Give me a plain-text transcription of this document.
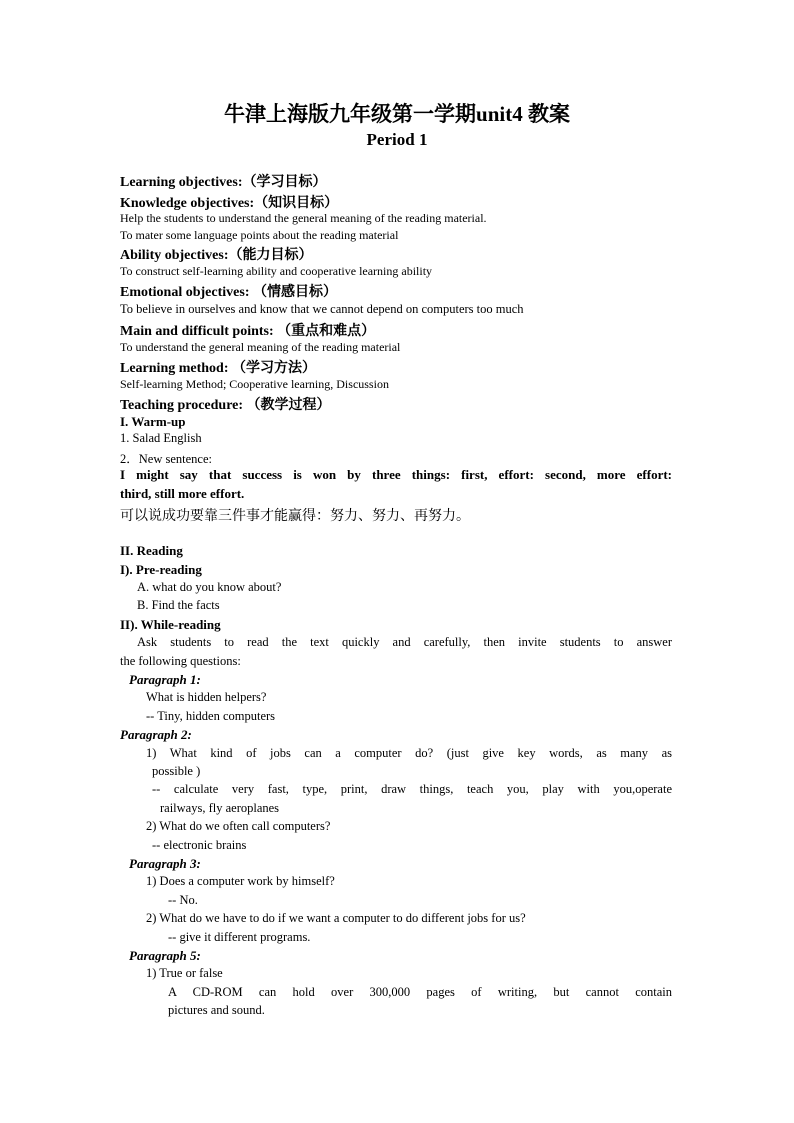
牛津上海版九年级第一学期unit4 教案
Period 1
Learning objectives:（学习目标）
Knowledge objectives:（知识目标）
Help the students to understand the general meaning of the reading material.
To mater some language points about the reading material
Ability objectives:（能力目标）
To construct self-learning ability and cooperative learning ability
Emotional objectives: （情感目标）
To believe in ourselves and know that we cannot depend on computers too much
Main and difficult points: （重点和难点）
To understand the general meaning of the reading material
Learning method: （学习方法）
Self-learning Method; Cooperative learning, Discussion
Teaching procedure: （教学过程）
I. Warm-up
1. Salad English
2．New sentence:
I might say that success is won by three things: first, effort: second, more effort:
third, still more effort.
可以说成功要靠三件事才能赢得：努力、努力、再努力。
II. Reading
I). Pre-reading
A. what do you know about?
B. Find the facts
II). While-reading
Ask students to read the text quickly and carefully, then invite students to answer
the following questions:
Paragraph 1:
What is hidden helpers?
-- Tiny, hidden computers
Paragraph 2:
1) What kind of jobs can a computer do? (just give key words, as many as
possible )
-- calculate very fast, type, print, draw things, teach you, play with you,operate
railways, fly aeroplanes
2) What do we often call computers?
-- electronic brains
Paragraph 3:
1) Does a computer work by himself?
-- No.
2) What do we have to do if we want a computer to do different jobs for us?
-- give it different programs.
Paragraph 5:
1) True or false
A CD-ROM can hold over 300,000 pages of writing, but cannot contain
pictures and sound.
